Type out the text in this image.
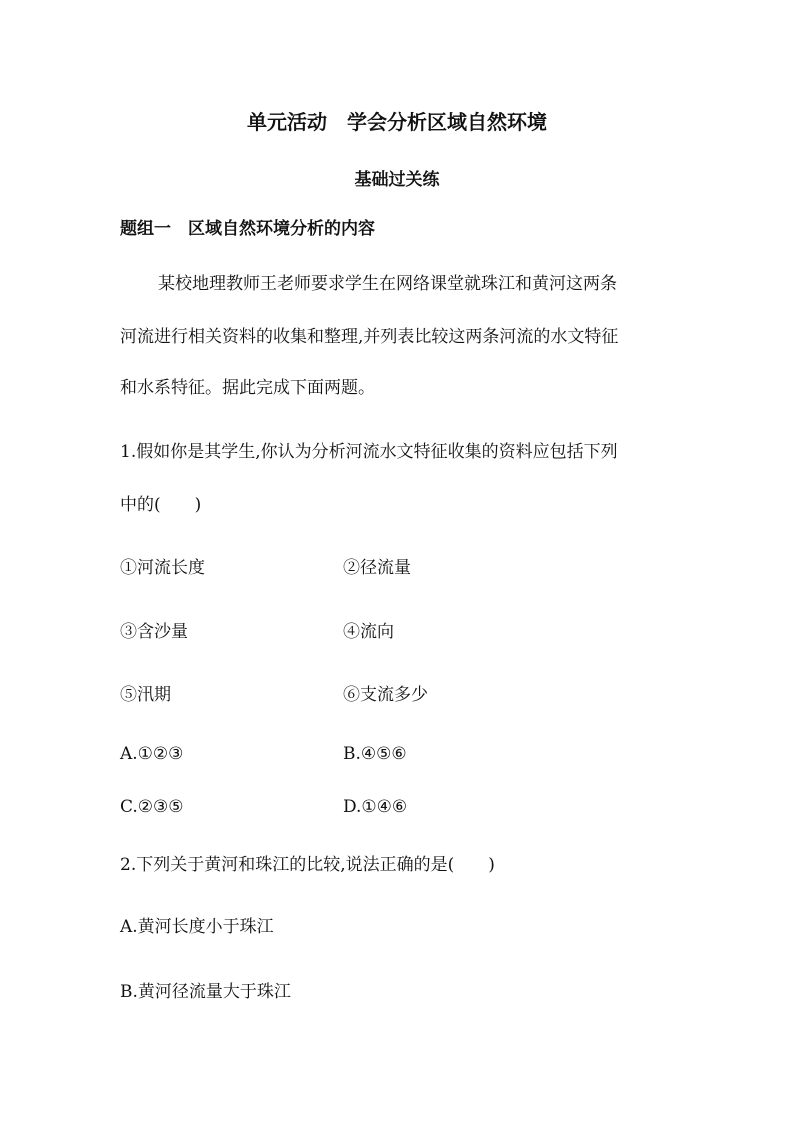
单元活动　学会分析区域自然环境
基础过关练
题组一　区域自然环境分析的内容
某校地理教师王老师要求学生在网络课堂就珠江和黄河这两条
河流进行相关资料的收集和整理,并列表比较这两条河流的水文特征
和水系特征。据此完成下面两题。
1.假如你是其学生,你认为分析河流水文特征收集的资料应包括下列
中的(　　)
①河流长度	②径流量
③含沙量	④流向
⑤汛期	⑥支流多少
A.①②③	B.④⑤⑥
C.②③⑤	D.①④⑥
2.下列关于黄河和珠江的比较,说法正确的是(　　)
A.黄河长度小于珠江
B.黄河径流量大于珠江
